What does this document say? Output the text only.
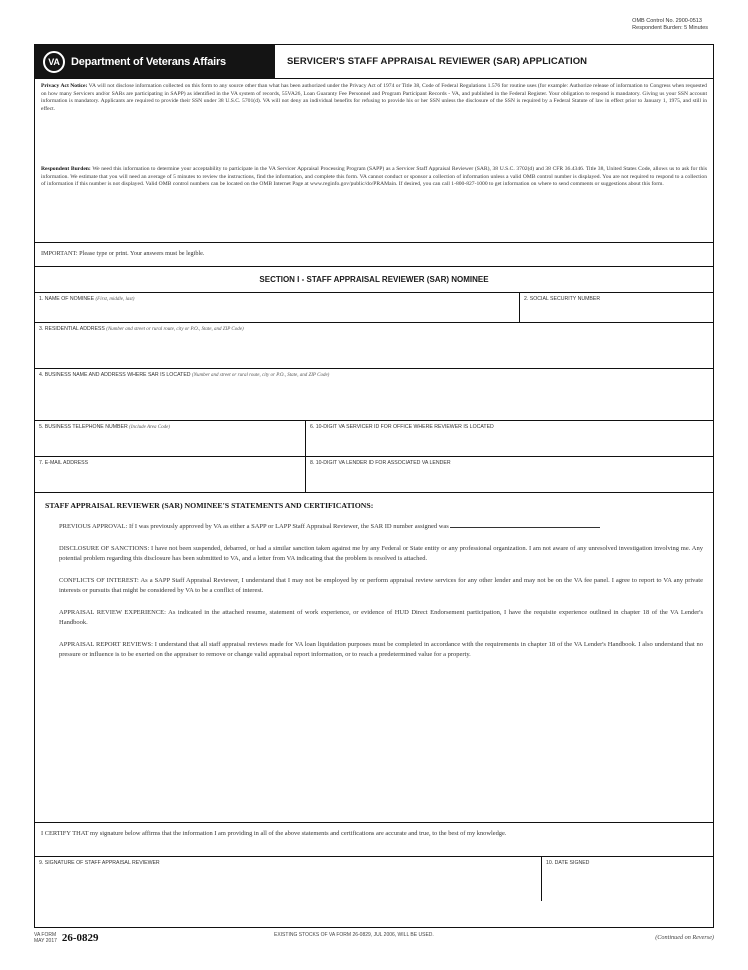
OMB Control No. 2900-0513
Respondent Burden: 5 Minutes
VA	Department of Veterans Affairs	SERVICER'S STAFF APPRAISAL REVIEWER (SAR) APPLICATION
Privacy Act Notice: VA will not disclose information collected on this form to any source other than what has been authorized under the Privacy Act of 1974 or Title 38, Code of Federal Regulations 1.576 for routine uses (for example: Authorize release of information to Congress when requested on how many Servicers and/or SARs are participating in SAPP) as identified in the VA system of records, 55VA26, Loan Guaranty Fee Personnel and Program Participant Records - VA, and published in the Federal Register. Your obligation to respond is mandatory. Giving us your SSN account information is mandatory. Applicants are required to provide their SSN under 38 U.S.C. 5701(d). VA will not deny an individual benefits for refusing to provide his or her SSN unless the disclosure of the SSN is required by a Federal Statute of law in effect prior to January 1, 1975, and still in effect.
Respondent Burden: We need this information to determine your acceptability to participate in the VA Servicer Appraisal Processing Program (SAPP) as a Servicer Staff Appraisal Reviewer (SAR), 38 U.S.C. 3702(d) and 38 CFR 36.4346. Title 38, United States Code, allows us to ask for this information. We estimate that you will need an average of 5 minutes to review the instructions, find the information, and complete this form. VA cannot conduct or sponsor a collection of information unless a valid OMB control number is displayed. You are not required to respond to a collection of information if this number is not displayed. Valid OMB control numbers can be located on the OMB Internet Page at www.reginfo.gov/public/do/PRAMain. If desired, you can call 1-800-827-1000 to get information on where to send comments or suggestions about this form.
IMPORTANT: Please type or print. Your answers must be legible.
SECTION I - STAFF APPRAISAL REVIEWER (SAR) NOMINEE
1. NAME OF NOMINEE (First, middle, last)	2. SOCIAL SECURITY NUMBER
3. RESIDENTIAL ADDRESS (Number and street or rural route, city or P.O., State, and ZIP Code)
4. BUSINESS NAME AND ADDRESS WHERE SAR IS LOCATED (Number and street or rural route, city or P.O., State, and ZIP Code)
5. BUSINESS TELEPHONE NUMBER (Include Area Code)	6. 10-DIGIT VA SERVICER ID FOR OFFICE WHERE REVIEWER IS LOCATED
7. E-MAIL ADDRESS	8. 10-DIGIT VA LENDER ID FOR ASSOCIATED VA LENDER
STAFF APPRAISAL REVIEWER (SAR) NOMINEE'S STATEMENTS AND CERTIFICATIONS:
PREVIOUS APPROVAL: If I was previously approved by VA as either a SAPP or LAPP Staff Appraisal Reviewer, the SAR ID number assigned was
DISCLOSURE OF SANCTIONS: I have not been suspended, debarred, or had a similar sanction taken against me by any Federal or State entity or any professional organization. I am not aware of any unresolved investigation involving me. Any potential problem regarding this disclosure has been submitted to VA, and a letter from VA indicating that the problem is resolved is attached.
CONFLICTS OF INTEREST: As a SAPP Staff Appraisal Reviewer, I understand that I may not be employed by or perform appraisal review services for any other lender and may not be on the VA fee panel. I agree to report to VA any private interests or pursuits that might be considered by VA to be a conflict of interest.
APPRAISAL REVIEW EXPERIENCE: As indicated in the attached resume, statement of work experience, or evidence of HUD Direct Endorsement participation, I have the requisite experience outlined in chapter 18 of the VA Lender's Handbook.
APPRAISAL REPORT REVIEWS: I understand that all staff appraisal reviews made for VA loan liquidation purposes must be completed in accordance with the requirements in chapter 18 of the VA Lender's Handbook. I also understand that no pressure or influence is to be exerted on the appraiser to remove or change valid appraisal report information, or to reach a predetermined value for a property.
I CERTIFY THAT my signature below affirms that the information I am providing in all of the above statements and certifications are accurate and true, to the best of my knowledge.
9. SIGNATURE OF STAFF APPRAISAL REVIEWER	10. DATE SIGNED
VA FORM
MAY 2017 26-0829	EXISTING STOCKS OF VA FORM 26-0829, JUL 2006, WILL BE USED.	(Continued on Reverse)
